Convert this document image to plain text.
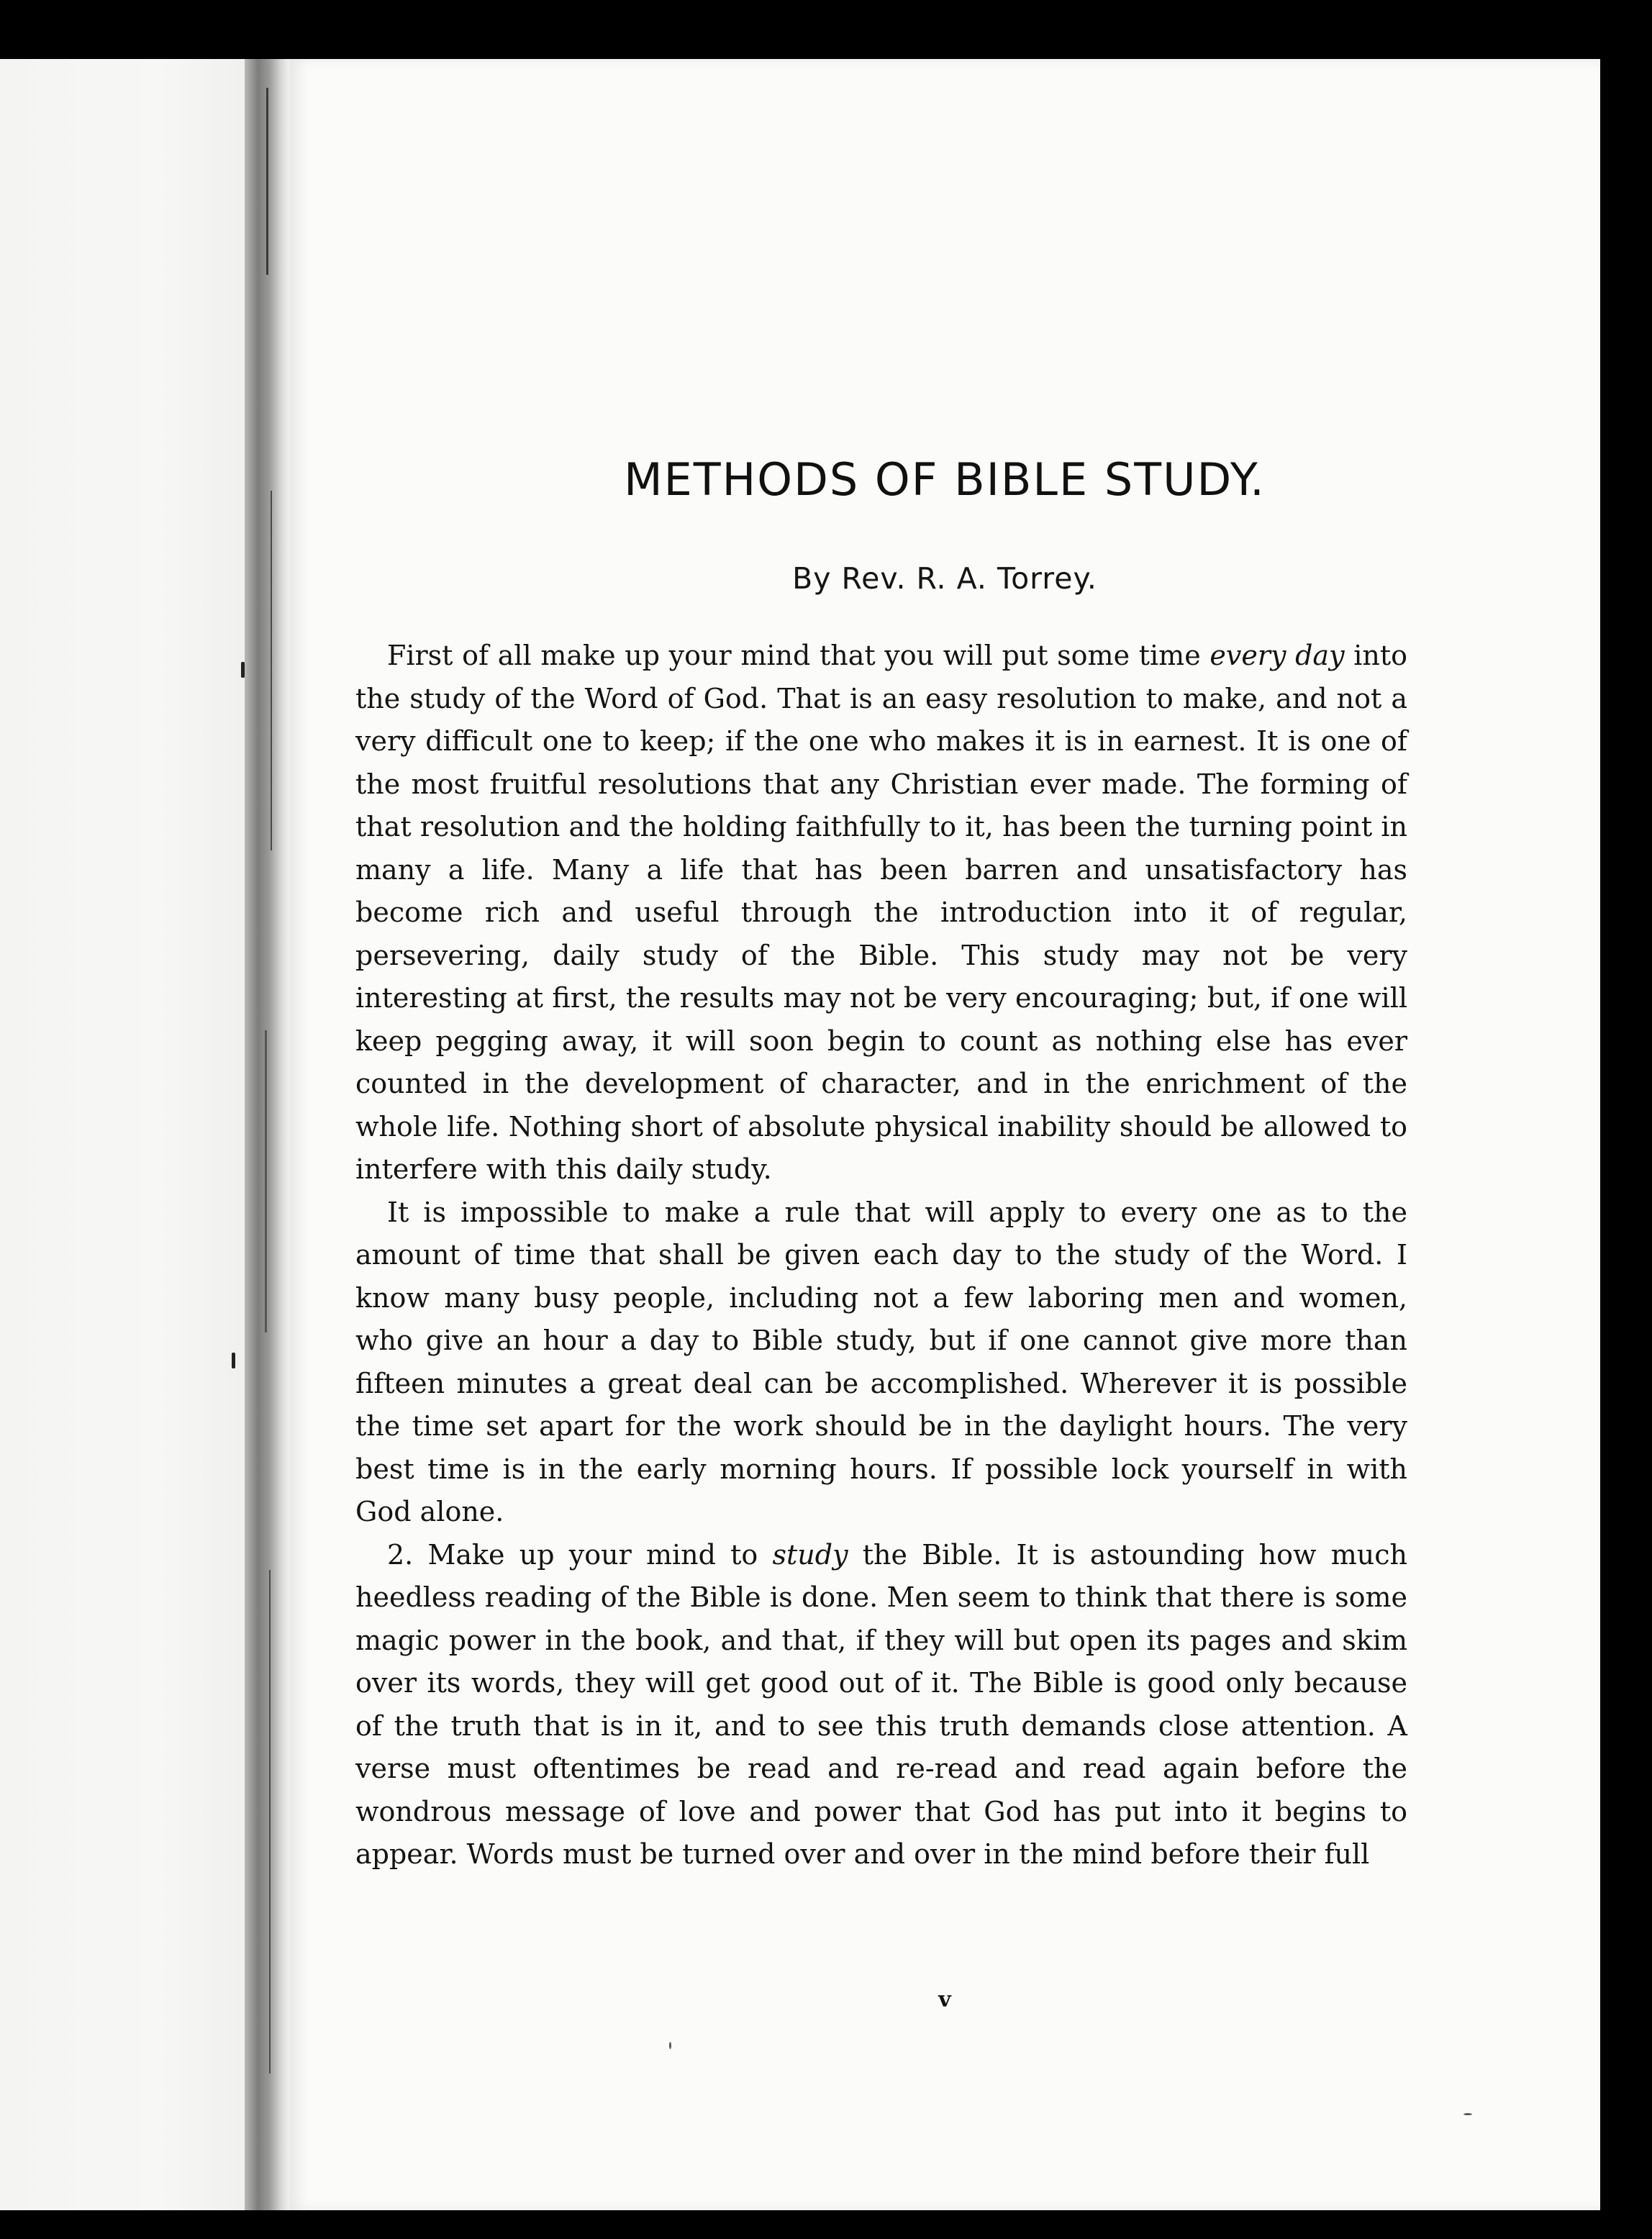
METHODS OF BIBLE STUDY.
By Rev. R. A. Torrey.

First of all make up your mind that you will put some time every day into the study of the Word of God. That is an easy resolution to make, and not a very difficult one to keep; if the one who makes it is in earnest. It is one of the most fruitful resolutions that any Christian ever made. The forming of that resolution and the holding faithfully to it, has been the turning point in many a life. Many a life that has been barren and unsatisfactory has become rich and useful through the introduction into it of regular, persevering, daily study of the Bible. This study may not be very interesting at first, the results may not be very encouraging; but, if one will keep pegging away, it will soon begin to count as nothing else has ever counted in the development of character, and in the enrichment of the whole life. Nothing short of absolute physical inability should be allowed to interfere with this daily study.

It is impossible to make a rule that will apply to every one as to the amount of time that shall be given each day to the study of the Word. I know many busy people, including not a few laboring men and women, who give an hour a day to Bible study, but if one cannot give more than fifteen minutes a great deal can be accomplished. Wherever it is possible the time set apart for the work should be in the daylight hours. The very best time is in the early morning hours. If possible lock yourself in with God alone.

2. Make up your mind to study the Bible. It is astounding how much heedless reading of the Bible is done. Men seem to think that there is some magic power in the book, and that, if they will but open its pages and skim over its words, they will get good out of it. The Bible is good only because of the truth that is in it, and to see this truth demands close attention. A verse must oftentimes be read and re-read and read again before the wondrous message of love and power that God has put into it begins to appear. Words must be turned over and over in the mind before their full

v
